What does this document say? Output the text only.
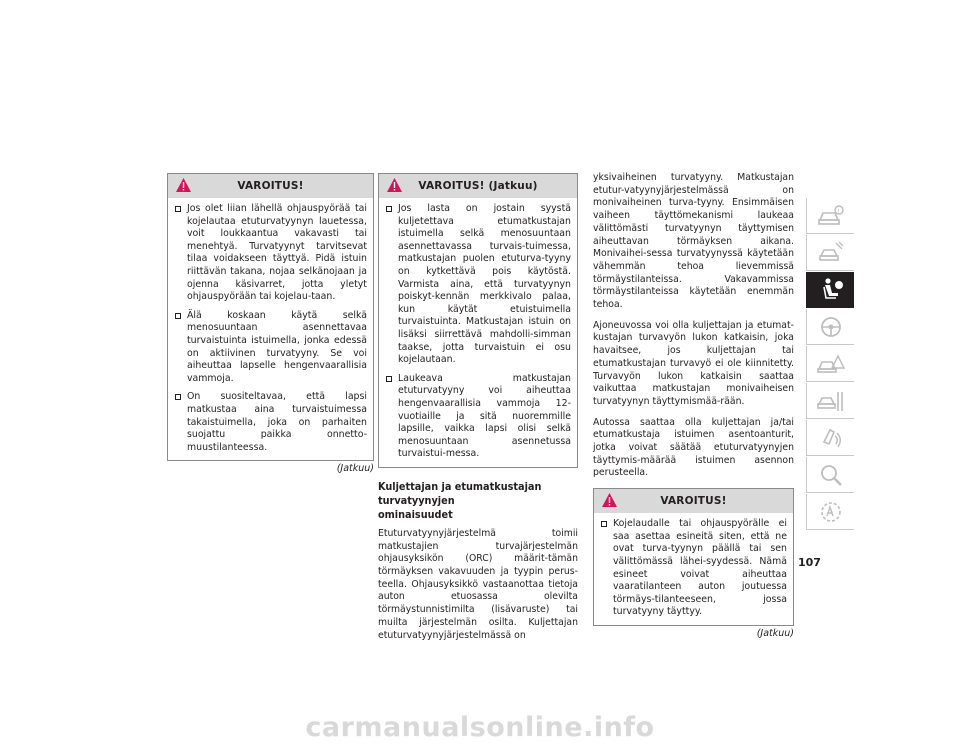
VAROITUS!
Jos olet liian lähellä ohjauspyörää tai kojelautaa etuturvatyynyn lauetessa, voit loukkaantua vakavasti tai menehtyä. Turvatyynyt tarvitsevat tilaa voidakseen täyttyä. Pidä istuin riittävän takana, nojaa selkänojaan ja ojenna käsivarret, jotta yletyt ohjauspyörään tai kojelau-taan.
Älä koskaan käytä selkä menosuuntaan asennettavaa turvaistuinta istuimella, jonka edessä on aktiivinen turvatyyny. Se voi aiheuttaa lapselle hengenvaarallisia vammoja.
On suositeltavaa, että lapsi matkustaa aina turvaistuimessa takaistuimella, joka on parhaiten suojattu paikka onnetto-muustilanteessa.
(Jatkuu)
VAROITUS! (Jatkuu)
Jos lasta on jostain syystä kuljetettava etumatkustajan istuimella selkä menosuuntaan asennettavassa turvais-tuimessa, matkustajan puolen etuturva-tyyny on kytkettävä pois käytöstä. Varmista aina, että turvatyynyn poiskyt-kennän merkkivalo palaa, kun käytät etuistuimella turvaistuinta. Matkustajan istuin on lisäksi siirrettävä mahdolli-simman taakse, jotta turvaistuin ei osu kojelautaan.
Laukeava matkustajan etuturvatyyny voi aiheuttaa hengenvaarallisia vammoja 12-vuotiaille ja sitä nuoremmille lapsille, vaikka lapsi olisi selkä menosuuntaan asennetussa turvaistui-messa.
Kuljettajan ja etumatkustajan turvatyynyjen
ominaisuudet

Etuturvatyynyjärjestelmä toimii matkustajien turvajärjestelmän ohjausyksikön (ORC) määrit-tämän törmäyksen vakavuuden ja tyypin perus-teella. Ohjausyksikkö vastaanottaa tietoja auton etuosassa olevilta törmäystunnistimilta (lisävaruste) tai muilta järjestelmän osilta. Kuljettajan etuturvatyynyjärjestelmässä on

yksivaiheinen turvatyyny. Matkustajan etutur-vatyynyjärjestelmässä on monivaiheinen turva-tyyny. Ensimmäisen vaiheen täyttömekanismi laukeaa välittömästi turvatyynyn täyttymisen aiheuttavan törmäyksen aikana. Monivaihei-sessa turvatyynyssä käytetään vähemmän tehoa lievemmissä törmäystilanteissa. Vakavammissa törmäystilanteissa käytetään enemmän tehoa.

Ajoneuvossa voi olla kuljettajan ja etumat-kustajan turvavyön lukon katkaisin, joka havaitsee, jos kuljettajan tai etumatkustajan turvavyö ei ole kiinnitetty. Turvavyön lukon katkaisin saattaa vaikuttaa matkustajan monivaiheisen turvatyynyn täyttymismää-rään.

Autossa saattaa olla kuljettajan ja/tai etumatkustaja istuimen asentoanturit, jotka voivat säätää etuturvatyynyjen täyttymis-määrää istuimen asennon perusteella.

VAROITUS!
Kojelaudalle tai ohjauspyörälle ei saa asettaa esineitä siten, että ne ovat turva-tyynyn päällä tai sen välittömässä lähei-syydessä. Nämä esineet voivat aiheuttaa vaaratilanteen auton joutuessa törmäys-tilanteeseen, jossa turvatyyny täyttyy.
(Jatkuu)
107
i
carmanualsonline.info
